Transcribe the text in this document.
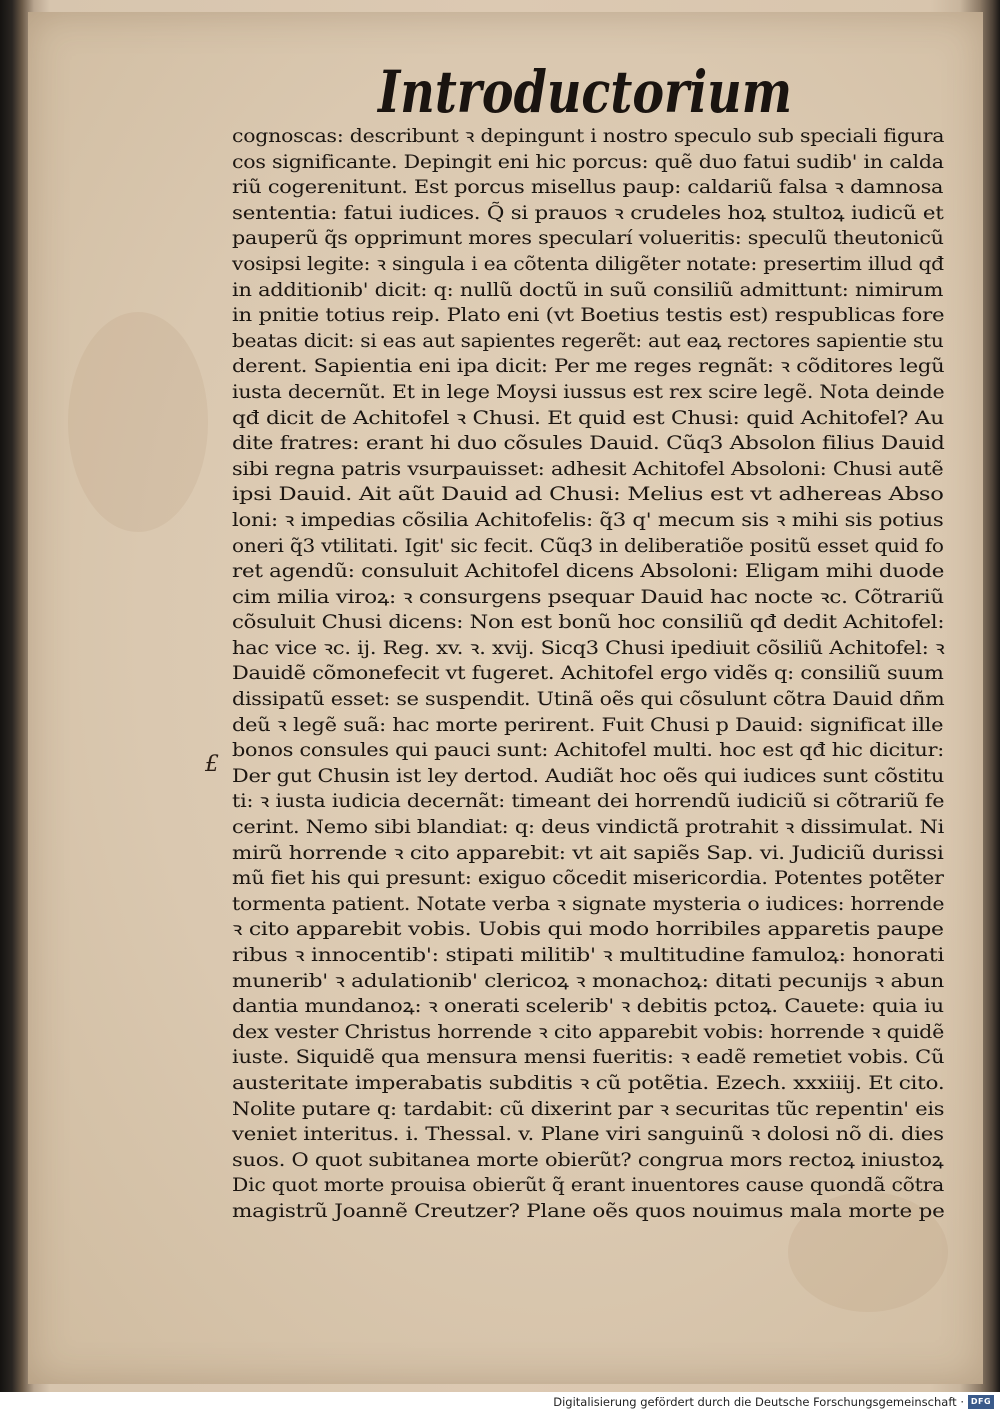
Introductorium
£
cognoscas: describunt ꝛ depingunt i nostro speculo sub speciali figura
cos significante. Depingit eni hic porcus: quẽ duo fatui sudib' in calda
riũ cogerenitunt. Est porcus misellus paup: caldariũ falsa ꝛ damnosa
sententia: fatui iudices. Q̃ si prauos ꝛ crudeles hoꝝ stultoꝝ iudicũ et
pauperũ q̃s opprimunt mores specularí volueritis: speculũ theutonicũ
vosipsi legite: ꝛ singula i ea cõtenta diligẽter notate: presertim illud qđ
in additionib' dicit: q: nullũ doctũ in suũ consiliũ admittunt: nimirum
in pnitie totius reip. Plato eni (vt Boetius testis est) respublicas fore
beatas dicit: si eas aut sapientes regerẽt: aut eaꝝ rectores sapientie stu
derent. Sapientia eni ipa dicit: Per me reges regnãt: ꝛ cõditores legũ
iusta decernũt. Et in lege Moysi iussus est rex scire legẽ. Nota deinde
qđ dicit de Achitofel ꝛ Chusi. Et quid est Chusi: quid Achitofel? Au
dite fratres: erant hi duo cõsules Dauid. Cũq3 Absolon filius Dauid
sibi regna patris vsurpauisset: adhesit Achitofel Absoloni: Chusi autẽ
ipsi Dauid. Ait aũt Dauid ad Chusi: Melius est vt adhereas Abso
loni: ꝛ impedias cõsilia Achitofelis: q̃3 q' mecum sis ꝛ mihi sis potius
oneri q̃3 vtilitati. Igit' sic fecit. Cũq3 in deliberatiõe positũ esset quid fo
ret agendũ: consuluit Achitofel dicens Absoloni: Eligam mihi duode
cim milia viroꝝ: ꝛ consurgens psequar Dauid hac nocte ꝛc. Cõtrariũ
cõsuluit Chusi dicens: Non est bonũ hoc consiliũ qđ dedit Achitofel:
hac vice ꝛc. ij. Reg. xv. ꝛ. xvij. Sicq3 Chusi ipediuit cõsiliũ Achitofel: ꝛ
Dauidẽ cõmonefecit vt fugeret. Achitofel ergo vidẽs q: consiliũ suum
dissipatũ esset: se suspendit. Utinã oẽs qui cõsulunt cõtra Dauid dñm
deũ ꝛ legẽ suã: hac morte perirent. Fuit Chusi p Dauid: significat ille
bonos consules qui pauci sunt: Achitofel multi. hoc est qđ hic dicitur:
Der gut Chusin ist ley dertod. Audiãt hoc oẽs qui iudices sunt cõstitu
ti: ꝛ iusta iudicia decernãt: timeant dei horrendũ iudiciũ si cõtrariũ fe
cerint. Nemo sibi blandiat: q: deus vindictã protrahit ꝛ dissimulat. Ni
mirũ horrende ꝛ cito apparebit: vt ait sapiẽs Sap. vi. Judiciũ durissi
mũ fiet his qui presunt: exiguo cõcedit misericordia. Potentes potẽter
tormenta patient. Notate verba ꝛ signate mysteria o iudices: horrende
ꝛ cito apparebit vobis. Uobis qui modo horribiles apparetis paupe
ribus ꝛ innocentib': stipati militib' ꝛ multitudine famuloꝝ: honorati
munerib' ꝛ adulationib' clericoꝝ ꝛ monachoꝝ: ditati pecunijs ꝛ abun
dantia mundanoꝝ: ꝛ onerati scelerib' ꝛ debitis pctoꝝ. Cauete: quia iu
dex vester Christus horrende ꝛ cito apparebit vobis: horrende ꝛ quidẽ
iuste. Siquidẽ qua mensura mensi fueritis: ꝛ eadẽ remetiet vobis. Cũ
austeritate imperabatis subditis ꝛ cũ potẽtia. Ezech. xxxiiij. Et cito.
Nolite putare q: tardabit: cũ dixerint par ꝛ securitas tũc repentin' eis
veniet interitus. i. Thessal. v. Plane viri sanguinũ ꝛ dolosi nõ di. dies
suos. O quot subitanea morte obierũt? congrua mors rectoꝝ iniustoꝝ
Dic quot morte prouisa obierũt q̃ erant inuentores cause quondã cõtra
magistrũ Joannẽ Creutzer? Plane oẽs quos nouimus mala morte pe
Digitalisierung gefördert durch die Deutsche Forschungsgemeinschaft · DFG
